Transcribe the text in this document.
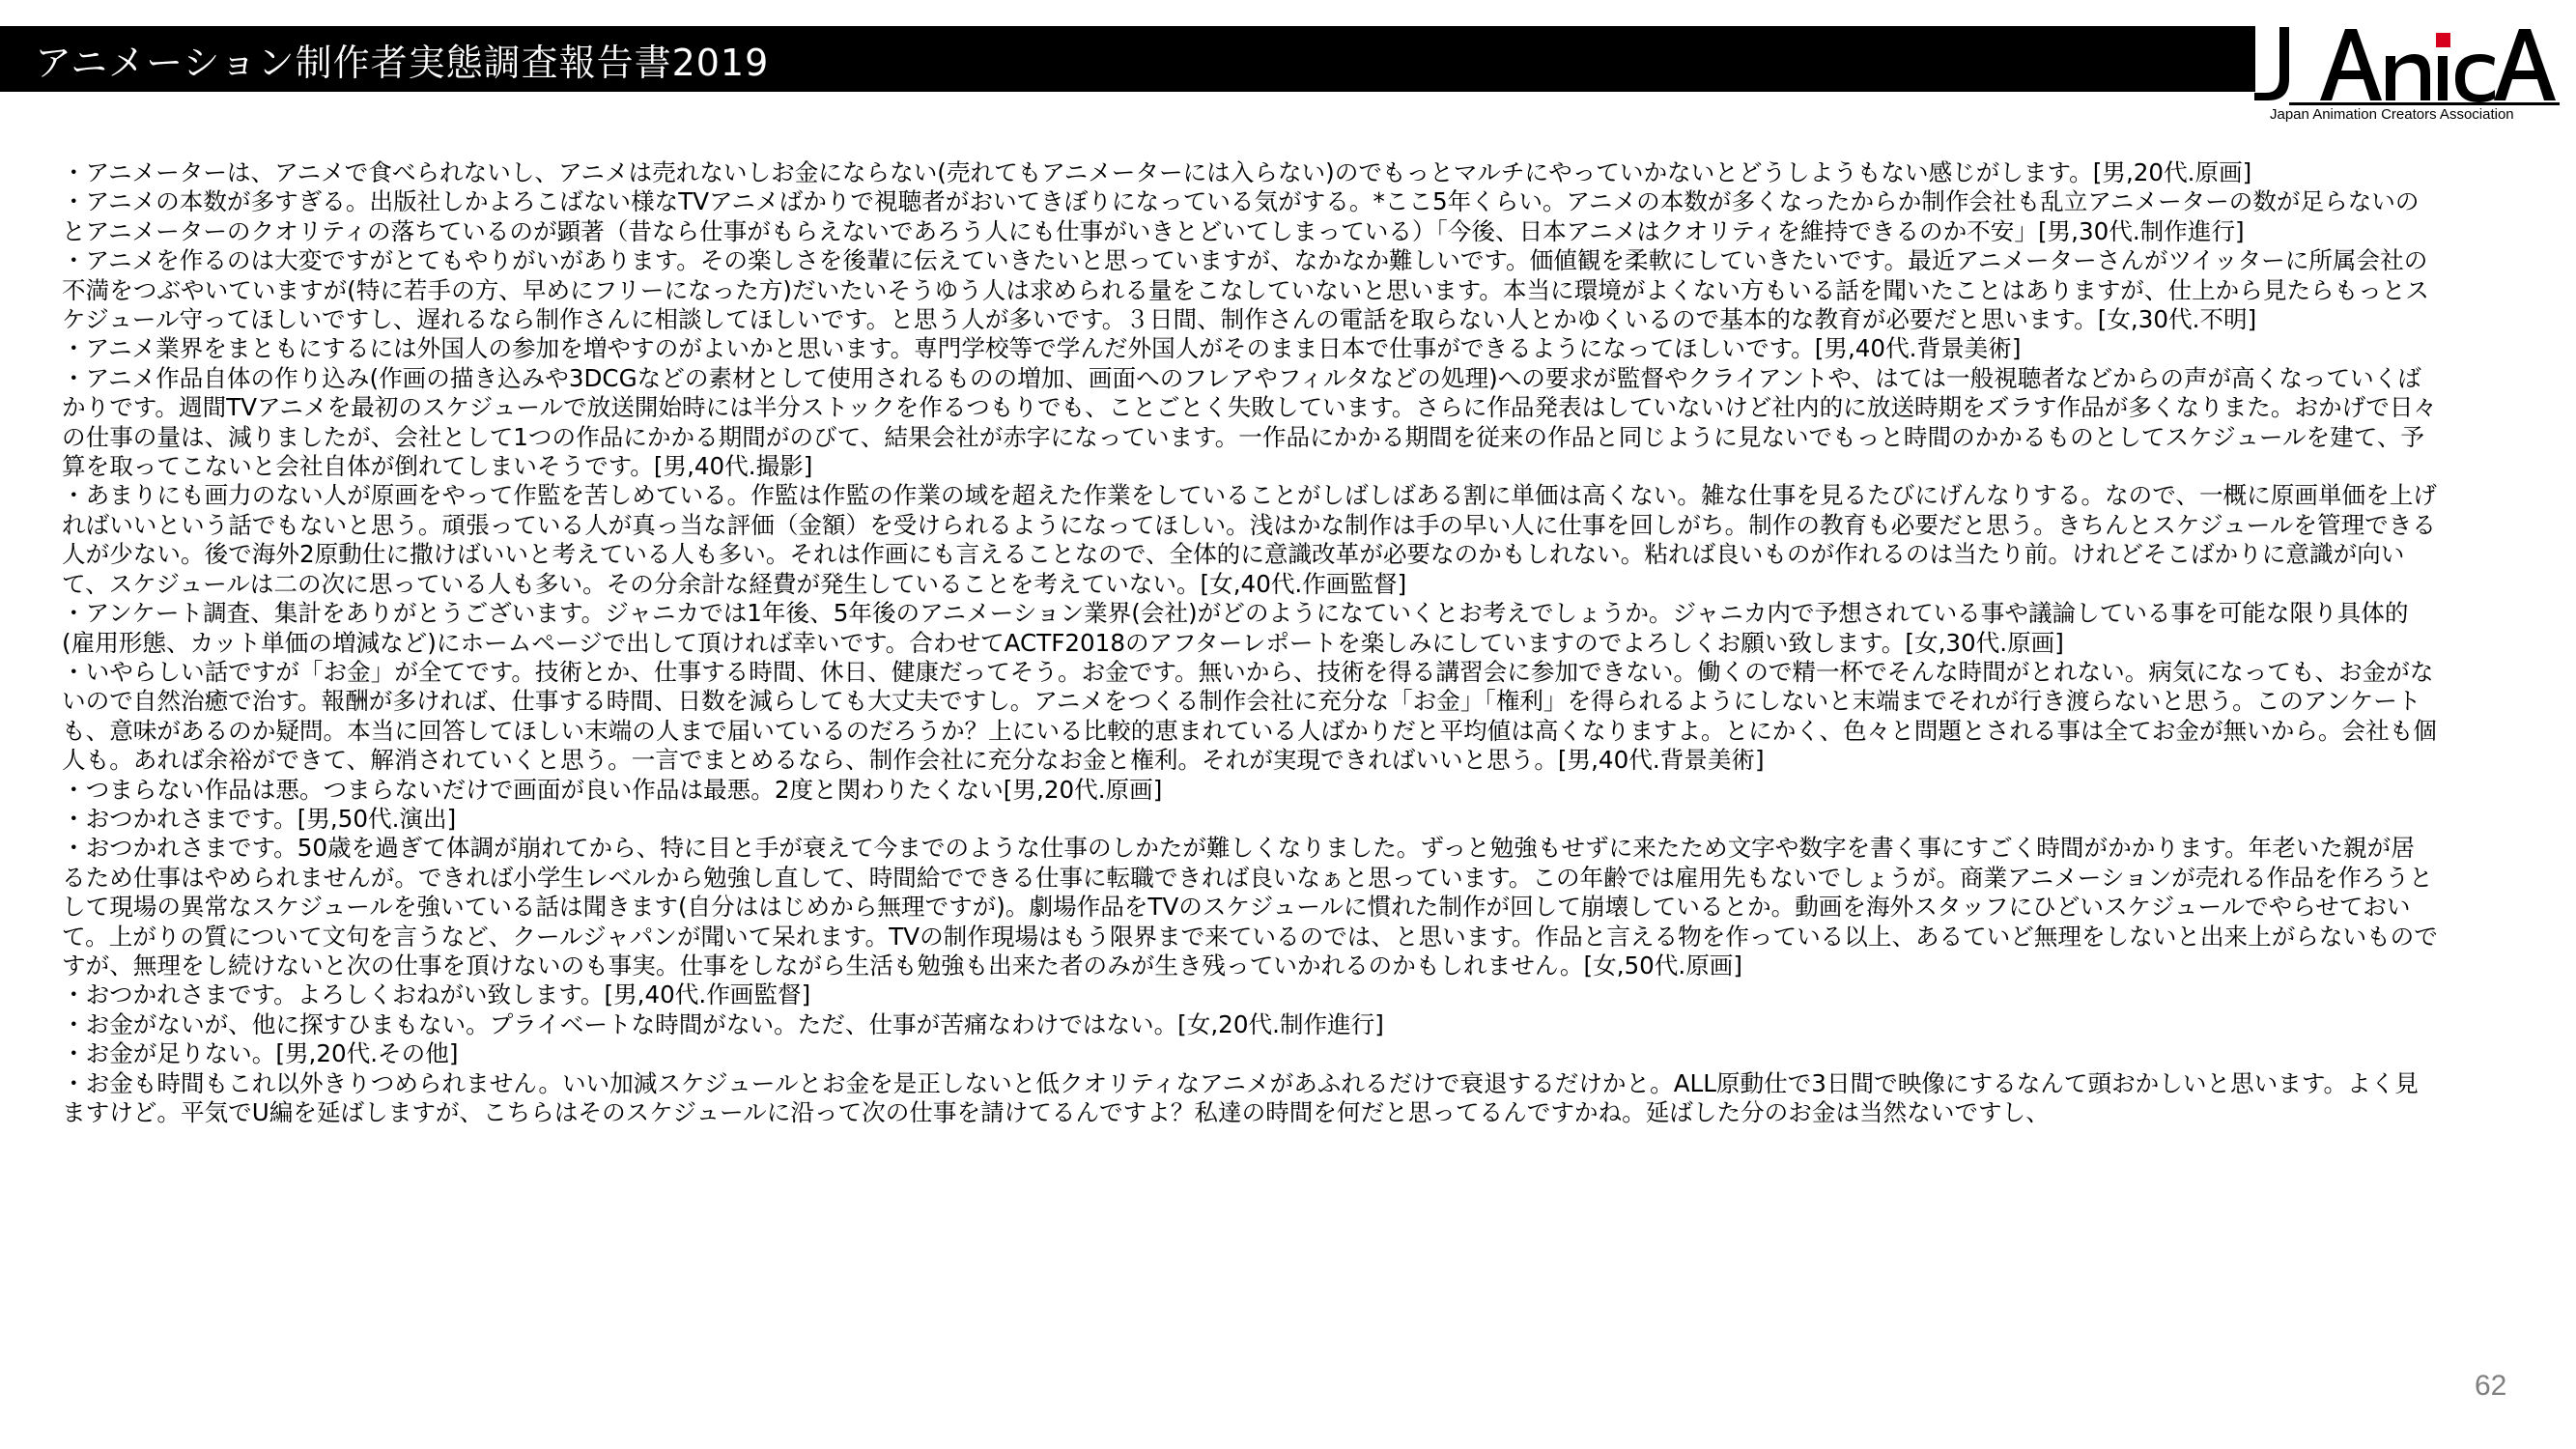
アニメーション制作者実態調査報告書2019
Japan Animation Creators Association

・アニメーターは、アニメで食べられないし、アニメは売れないしお金にならない(売れてもアニメーターには入らない)のでもっとマルチにやっていかないとどうしようもない感じがします。[男,20代.原画]

・アニメの本数が多すぎる。出版社しかよろこばない様なTVアニメばかりで視聴者がおいてきぼりになっている気がする。*ここ5年くらい。アニメの本数が多くなったからか制作会社も乱立アニメーターの数が足らないのとアニメーターのクオリティの落ちているのが顕著（昔なら仕事がもらえないであろう人にも仕事がいきとどいてしまっている）「今後、日本アニメはクオリティを維持できるのか不安」[男,30代.制作進行]

・アニメを作るのは大変ですがとてもやりがいがあります。その楽しさを後輩に伝えていきたいと思っていますが、なかなか難しいです。価値観を柔軟にしていきたいです。最近アニメーターさんがツイッターに所属会社の不満をつぶやいていますが(特に若手の方、早めにフリーになった方)だいたいそうゆう人は求められる量をこなしていないと思います。本当に環境がよくない方もいる話を聞いたことはありますが、仕上から見たらもっとスケジュール守ってほしいですし、遅れるなら制作さんに相談してほしいです。と思う人が多いです。３日間、制作さんの電話を取らない人とかゆくいるので基本的な教育が必要だと思います。[女,30代.不明]

・アニメ業界をまともにするには外国人の参加を増やすのがよいかと思います。専門学校等で学んだ外国人がそのまま日本で仕事ができるようになってほしいです。[男,40代.背景美術]

・アニメ作品自体の作り込み(作画の描き込みや3DCGなどの素材として使用されるものの増加、画面へのフレアやフィルタなどの処理)への要求が監督やクライアントや、はては一般視聴者などからの声が高くなっていくばかりです。週間TVアニメを最初のスケジュールで放送開始時には半分ストックを作るつもりでも、ことごとく失敗しています。さらに作品発表はしていないけど社内的に放送時期をズラす作品が多くなりまた。おかげで日々の仕事の量は、減りましたが、会社として1つの作品にかかる期間がのびて、結果会社が赤字になっています。一作品にかかる期間を従来の作品と同じように見ないでもっと時間のかかるものとしてスケジュールを建て、予算を取ってこないと会社自体が倒れてしまいそうです。[男,40代.撮影]

・あまりにも画力のない人が原画をやって作監を苦しめている。作監は作監の作業の域を超えた作業をしていることがしばしばある割に単価は高くない。雑な仕事を見るたびにげんなりする。なので、一概に原画単価を上げればいいという話でもないと思う。頑張っている人が真っ当な評価（金額）を受けられるようになってほしい。浅はかな制作は手の早い人に仕事を回しがち。制作の教育も必要だと思う。きちんとスケジュールを管理できる人が少ない。後で海外2原動仕に撒けばいいと考えている人も多い。それは作画にも言えることなので、全体的に意識改革が必要なのかもしれない。粘れば良いものが作れるのは当たり前。けれどそこばかりに意識が向いて、スケジュールは二の次に思っている人も多い。その分余計な経費が発生していることを考えていない。[女,40代.作画監督]

・アンケート調査、集計をありがとうございます。ジャニカでは1年後、5年後のアニメーション業界(会社)がどのようになていくとお考えでしょうか。ジャニカ内で予想されている事や議論している事を可能な限り具体的(雇用形態、カット単価の増減など)にホームページで出して頂ければ幸いです。合わせてACTF2018のアフターレポートを楽しみにしていますのでよろしくお願い致します。[女,30代.原画]

・いやらしい話ですが「お金」が全てです。技術とか、仕事する時間、休日、健康だってそう。お金です。無いから、技術を得る講習会に参加できない。働くので精一杯でそんな時間がとれない。病気になっても、お金がないので自然治癒で治す。報酬が多ければ、仕事する時間、日数を減らしても大丈夫ですし。アニメをつくる制作会社に充分な「お金」「権利」を得られるようにしないと末端までそれが行き渡らないと思う。このアンケートも、意味があるのか疑問。本当に回答してほしい末端の人まで届いているのだろうか？上にいる比較的恵まれている人ばかりだと平均値は高くなりますよ。とにかく、色々と問題とされる事は全てお金が無いから。会社も個人も。あれば余裕ができて、解消されていくと思う。一言でまとめるなら、制作会社に充分なお金と権利。それが実現できればいいと思う。[男,40代.背景美術]

・つまらない作品は悪。つまらないだけで画面が良い作品は最悪。2度と関わりたくない[男,20代.原画]

・おつかれさまです。[男,50代.演出]

・おつかれさまです。50歳を過ぎて体調が崩れてから、特に目と手が衰えて今までのような仕事のしかたが難しくなりました。ずっと勉強もせずに来たため文字や数字を書く事にすごく時間がかかります。年老いた親が居るため仕事はやめられませんが。できれば小学生レベルから勉強し直して、時間給でできる仕事に転職できれば良いなぁと思っています。この年齢では雇用先もないでしょうが。商業アニメーションが売れる作品を作ろうとして現場の異常なスケジュールを強いている話は聞きます(自分ははじめから無理ですが)。劇場作品をTVのスケジュールに慣れた制作が回して崩壊しているとか。動画を海外スタッフにひどいスケジュールでやらせておいて。上がりの質について文句を言うなど、クールジャパンが聞いて呆れます。TVの制作現場はもう限界まで来ているのでは、と思います。作品と言える物を作っている以上、あるていど無理をしないと出来上がらないものですが、無理をし続けないと次の仕事を頂けないのも事実。仕事をしながら生活も勉強も出来た者のみが生き残っていかれるのかもしれません。[女,50代.原画]

・おつかれさまです。よろしくおねがい致します。[男,40代.作画監督]

・お金がないが、他に探すひまもない。プライベートな時間がない。ただ、仕事が苦痛なわけではない。[女,20代.制作進行]

・お金が足りない。[男,20代.その他]

・お金も時間もこれ以外きりつめられません。いい加減スケジュールとお金を是正しないと低クオリティなアニメがあふれるだけで衰退するだけかと。ALL原動仕で3日間で映像にするなんて頭おかしいと思います。よく見ますけど。平気でU編を延ばしますが、こちらはそのスケジュールに沿って次の仕事を請けてるんですよ？私達の時間を何だと思ってるんですかね。延ばした分のお金は当然ないですし、

62
